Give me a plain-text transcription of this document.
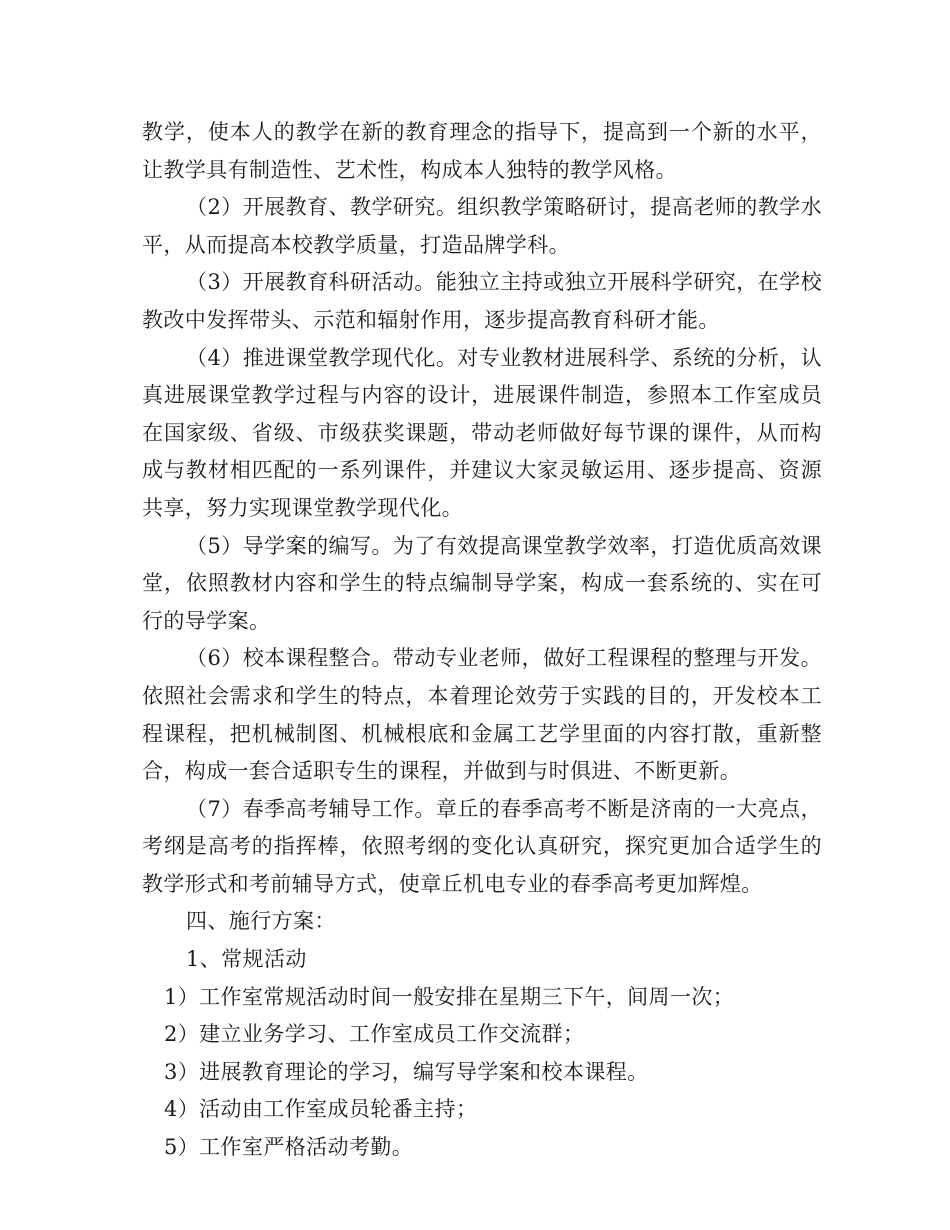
教学，使本人的教学在新的教育理念的指导下，提高到一个新的水平，让教学具有制造性、艺术性，构成本人独特的教学风格。

（2）开展教育、教学研究。组织教学策略研讨，提高老师的教学水平，从而提高本校教学质量，打造品牌学科。

（3）开展教育科研活动。能独立主持或独立开展科学研究，在学校教改中发挥带头、示范和辐射作用，逐步提高教育科研才能。

（4）推进课堂教学现代化。对专业教材进展科学、系统的分析，认真进展课堂教学过程与内容的设计，进展课件制造，参照本工作室成员在国家级、省级、市级获奖课题，带动老师做好每节课的课件，从而构成与教材相匹配的一系列课件，并建议大家灵敏运用、逐步提高、资源共享，努力实现课堂教学现代化。

（5）导学案的编写。为了有效提高课堂教学效率，打造优质高效课堂，依照教材内容和学生的特点编制导学案，构成一套系统的、实在可行的导学案。

（6）校本课程整合。带动专业老师，做好工程课程的整理与开发。依照社会需求和学生的特点，本着理论效劳于实践的目的，开发校本工程课程，把机械制图、机械根底和金属工艺学里面的内容打散，重新整合，构成一套合适职专生的课程，并做到与时俱进、不断更新。

（7）春季高考辅导工作。章丘的春季高考不断是济南的一大亮点，考纲是高考的指挥棒，依照考纲的变化认真研究，探究更加合适学生的教学形式和考前辅导方式，使章丘机电专业的春季高考更加辉煌。

四、施行方案：

1、常规活动

1）工作室常规活动时间一般安排在星期三下午，间周一次；

2）建立业务学习、工作室成员工作交流群；

3）进展教育理论的学习，编写导学案和校本课程。

4）活动由工作室成员轮番主持；

5）工作室严格活动考勤。
